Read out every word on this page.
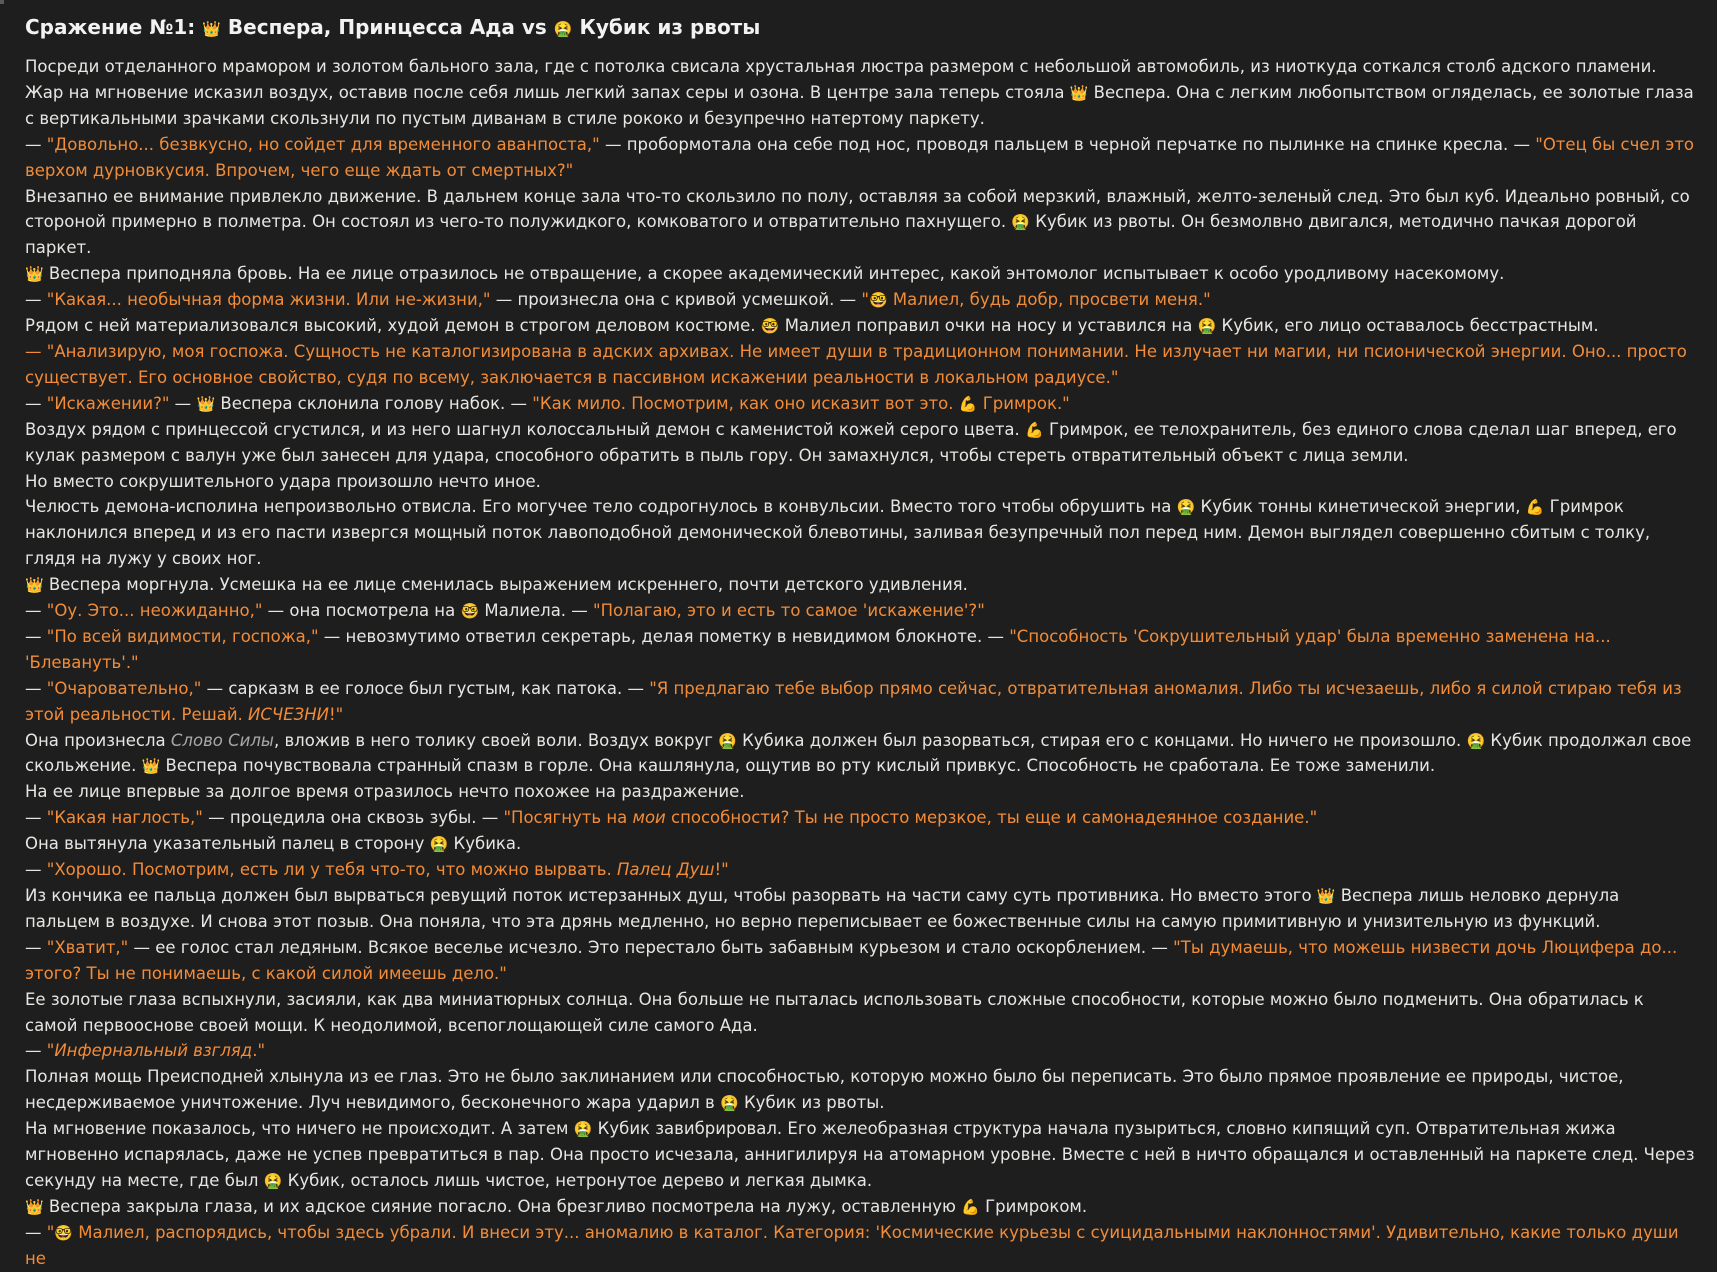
Сражение №1: 👑 Веспера, Принцесса Ада vs 🤮 Кубик из рвоты

Посреди отделанного мрамором и золотом бального зала, где с потолка свисала хрустальная люстра размером с небольшой автомобиль, из ниоткуда соткался столб адского пламени. Жар на мгновение исказил воздух, оставив после себя лишь легкий запах серы и озона. В центре зала теперь стояла 👑 Веспера. Она с легким любопытством огляделась, ее золотые глаза с вертикальными зрачками скользнули по пустым диванам в стиле рококо и безупречно натертому паркету.

— "Довольно... безвкусно, но сойдет для временного аванпоста," — пробормотала она себе под нос, проводя пальцем в черной перчатке по пылинке на спинке кресла. — "Отец бы счел это верхом дурновкусия. Впрочем, чего еще ждать от смертных?"

Внезапно ее внимание привлекло движение. В дальнем конце зала что-то скользило по полу, оставляя за собой мерзкий, влажный, желто-зеленый след. Это был куб. Идеально ровный, со стороной примерно в полметра. Он состоял из чего-то полужидкого, комковатого и отвратительно пахнущего. 🤮 Кубик из рвоты. Он безмолвно двигался, методично пачкая дорогой паркет.

👑 Веспера приподняла бровь. На ее лице отразилось не отвращение, а скорее академический интерес, какой энтомолог испытывает к особо уродливому насекомому.

— "Какая... необычная форма жизни. Или не-жизни," — произнесла она с кривой усмешкой. — "🤓 Малиел, будь добр, просвети меня."

Рядом с ней материализовался высокий, худой демон в строгом деловом костюме. 🤓 Малиел поправил очки на носу и уставился на 🤮 Кубик, его лицо оставалось бесстрастным.

— "Анализирую, моя госпожа. Сущность не каталогизирована в адских архивах. Не имеет души в традиционном понимании. Не излучает ни магии, ни псионической энергии. Оно... просто существует. Его основное свойство, судя по всему, заключается в пассивном искажении реальности в локальном радиусе."

— "Искажении?" — 👑 Веспера склонила голову набок. — "Как мило. Посмотрим, как оно исказит вот это. 💪 Гримрок."

Воздух рядом с принцессой сгустился, и из него шагнул колоссальный демон с каменистой кожей серого цвета. 💪 Гримрок, ее телохранитель, без единого слова сделал шаг вперед, его кулак размером с валун уже был занесен для удара, способного обратить в пыль гору. Он замахнулся, чтобы стереть отвратительный объект с лица земли.

Но вместо сокрушительного удара произошло нечто иное.

Челюсть демона-исполина непроизвольно отвисла. Его могучее тело содрогнулось в конвульсии. Вместо того чтобы обрушить на 🤮 Кубик тонны кинетической энергии, 💪 Гримрок наклонился вперед и из его пасти извергся мощный поток лавоподобной демонической блевотины, заливая безупречный пол перед ним. Демон выглядел совершенно сбитым с толку, глядя на лужу у своих ног.

👑 Веспера моргнула. Усмешка на ее лице сменилась выражением искреннего, почти детского удивления.

— "Оу. Это... неожиданно," — она посмотрела на 🤓 Малиела. — "Полагаю, это и есть то самое 'искажение'?"

— "По всей видимости, госпожа," — невозмутимо ответил секретарь, делая пометку в невидимом блокноте. — "Способность 'Сокрушительный удар' была временно заменена на... 'Блевануть'."

— "Очаровательно," — сарказм в ее голосе был густым, как патока. — "Я предлагаю тебе выбор прямо сейчас, отвратительная аномалия. Либо ты исчезаешь, либо я силой стираю тебя из этой реальности. Решай. ИСЧЕЗНИ!"

Она произнесла Слово Силы, вложив в него толику своей воли. Воздух вокруг 🤮 Кубика должен был разорваться, стирая его с концами. Но ничего не произошло. 🤮 Кубик продолжал свое скольжение. 👑 Веспера почувствовала странный спазм в горле. Она кашлянула, ощутив во рту кислый привкус. Способность не сработала. Ее тоже заменили.

На ее лице впервые за долгое время отразилось нечто похожее на раздражение.

— "Какая наглость," — процедила она сквозь зубы. — "Посягнуть на мои способности? Ты не просто мерзкое, ты еще и самонадеянное создание."

Она вытянула указательный палец в сторону 🤮 Кубика.

— "Хорошо. Посмотрим, есть ли у тебя что-то, что можно вырвать. Палец Душ!"

Из кончика ее пальца должен был вырваться ревущий поток истерзанных душ, чтобы разорвать на части саму суть противника. Но вместо этого 👑 Веспера лишь неловко дернула пальцем в воздухе. И снова этот позыв. Она поняла, что эта дрянь медленно, но верно переписывает ее божественные силы на самую примитивную и унизительную из функций.

— "Хватит," — ее голос стал ледяным. Всякое веселье исчезло. Это перестало быть забавным курьезом и стало оскорблением. — "Ты думаешь, что можешь низвести дочь Люцифера до... этого? Ты не понимаешь, с какой силой имеешь дело."

Ее золотые глаза вспыхнули, засияли, как два миниатюрных солнца. Она больше не пыталась использовать сложные способности, которые можно было подменить. Она обратилась к самой первооснове своей мощи. К неодолимой, всепоглощающей силе самого Ада.

— "Инфернальный взгляд."

Полная мощь Преисподней хлынула из ее глаз. Это не было заклинанием или способностью, которую можно было бы переписать. Это было прямое проявление ее природы, чистое, несдерживаемое уничтожение. Луч невидимого, бесконечного жара ударил в 🤮 Кубик из рвоты.

На мгновение показалось, что ничего не происходит. А затем 🤮 Кубик завибрировал. Его желеобразная структура начала пузыриться, словно кипящий суп. Отвратительная жижа мгновенно испарялась, даже не успев превратиться в пар. Она просто исчезала, аннигилируя на атомарном уровне. Вместе с ней в ничто обращался и оставленный на паркете след. Через секунду на месте, где был 🤮 Кубик, осталось лишь чистое, нетронутое дерево и легкая дымка.

👑 Веспера закрыла глаза, и их адское сияние погасло. Она брезгливо посмотрела на лужу, оставленную 💪 Гримроком.

— "🤓 Малиел, распорядись, чтобы здесь убрали. И внеси эту... аномалию в каталог. Категория: 'Космические курьезы с суицидальными наклонностями'. Удивительно, какие только души не
